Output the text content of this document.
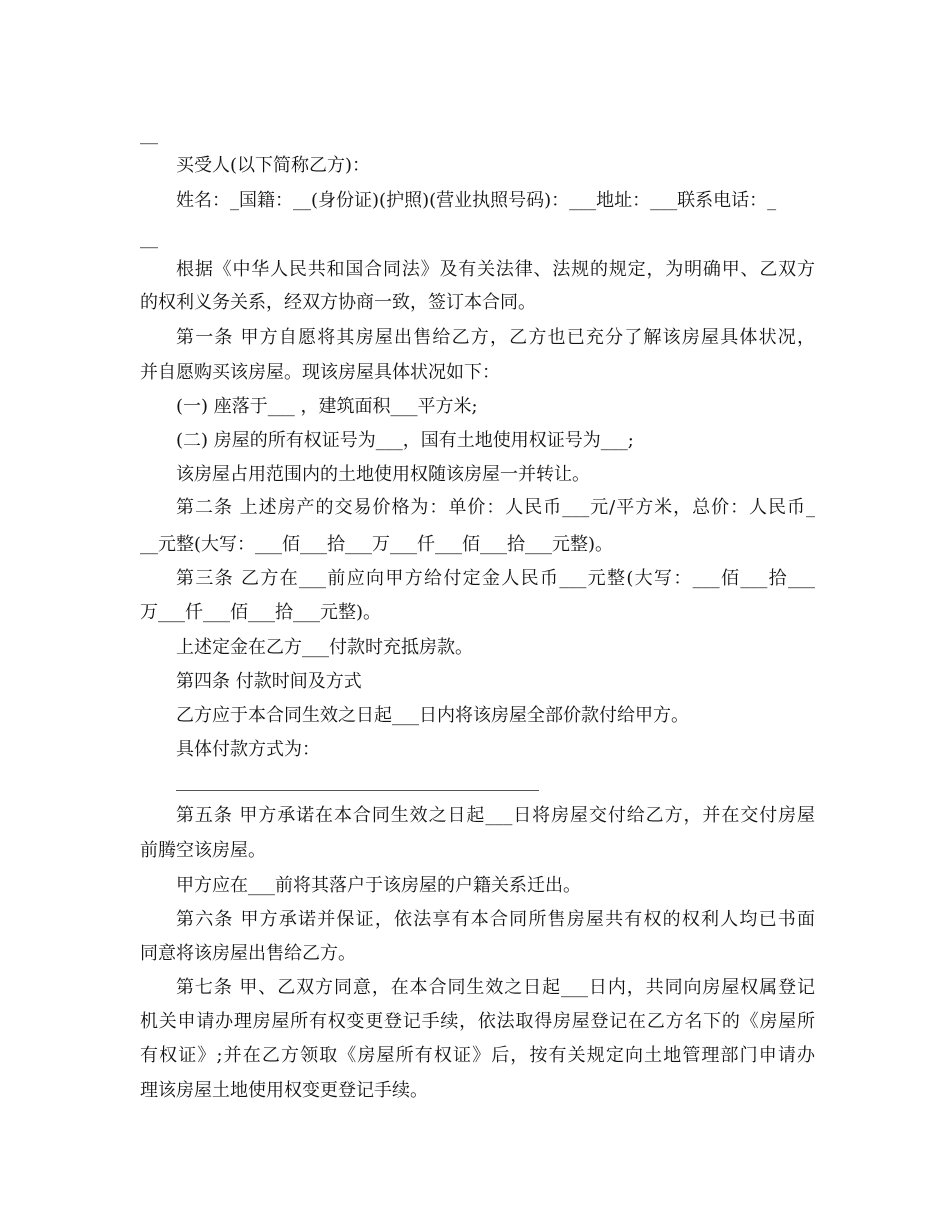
__
买受人(以下简称乙方)：
姓名：_国籍：__(身份证)(护照)(营业执照号码)：___地址：___联系电话：_
__
根据《中华人民共和国合同法》及有关法律、法规的规定，为明确甲、乙双方
的权利义务关系，经双方协商一致，签订本合同。
第一条 甲方自愿将其房屋出售给乙方，乙方也已充分了解该房屋具体状况，
并自愿购买该房屋。现该房屋具体状况如下：
(一) 座落于___ ，建筑面积___平方米;
(二) 房屋的所有权证号为___，国有土地使用权证号为___;
该房屋占用范围内的土地使用权随该房屋一并转让。
第二条 上述房产的交易价格为：单价：人民币___元/平方米，总价：人民币_
__元整(大写：___佰___拾___万___仟___佰___拾___元整)。
第三条 乙方在___前应向甲方给付定金人民币___元整(大写：___佰___拾___
万___仟___佰___拾___元整)。
上述定金在乙方___付款时充抵房款。
第四条 付款时间及方式
乙方应于本合同生效之日起___日内将该房屋全部价款付给甲方。
具体付款方式为：
第五条 甲方承诺在本合同生效之日起___日将房屋交付给乙方，并在交付房屋
前腾空该房屋。
甲方应在___前将其落户于该房屋的户籍关系迁出。
第六条 甲方承诺并保证，依法享有本合同所售房屋共有权的权利人均已书面
同意将该房屋出售给乙方。
第七条 甲、乙双方同意，在本合同生效之日起___日内，共同向房屋权属登记
机关申请办理房屋所有权变更登记手续，依法取得房屋登记在乙方名下的《房屋所
有权证》;并在乙方领取《房屋所有权证》后，按有关规定向土地管理部门申请办
理该房屋土地使用权变更登记手续。
